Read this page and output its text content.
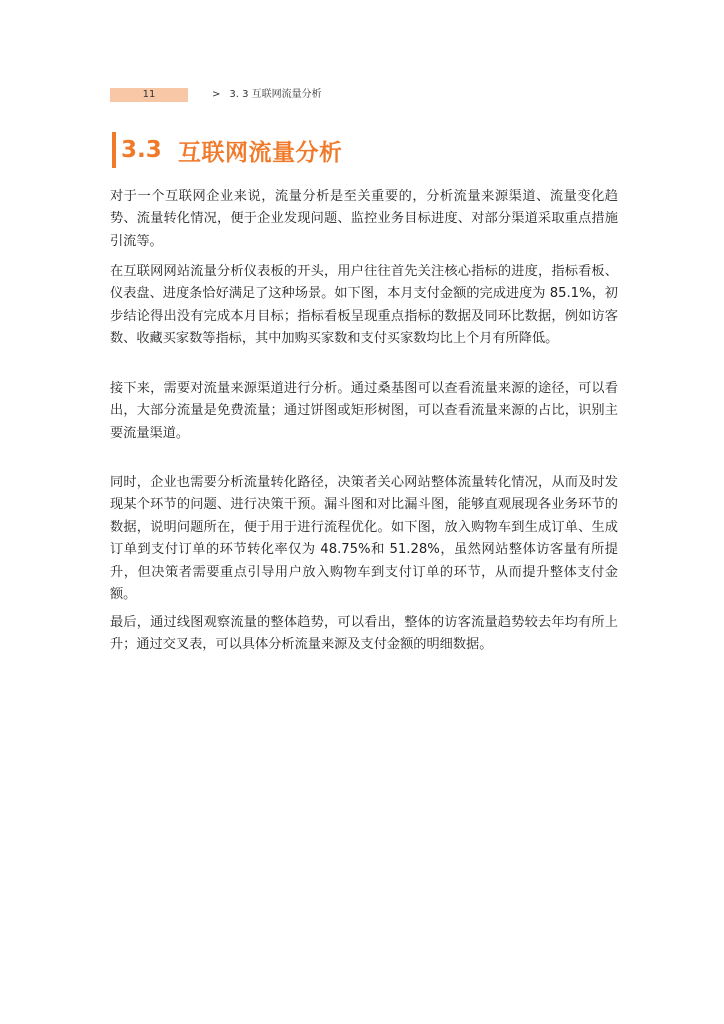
11	> 3. 3 互联网流量分析
3.3 互联网流量分析

对于一个互联网企业来说，流量分析是至关重要的，分析流量来源渠道、流量变化趋势、流量转化情况，便于企业发现问题、监控业务目标进度、对部分渠道采取重点措施引流等。

在互联网网站流量分析仪表板的开头，用户往往首先关注核心指标的进度，指标看板、仪表盘、进度条恰好满足了这种场景。如下图，本月支付金额的完成进度为 85.1%，初步结论得出没有完成本月目标；指标看板呈现重点指标的数据及同环比数据，例如访客数、收藏买家数等指标，其中加购买家数和支付买家数均比上个月有所降低。

接下来，需要对流量来源渠道进行分析。通过桑基图可以查看流量来源的途径，可以看出，大部分流量是免费流量；通过饼图或矩形树图，可以查看流量来源的占比，识别主要流量渠道。

同时，企业也需要分析流量转化路径，决策者关心网站整体流量转化情况，从而及时发现某个环节的问题、进行决策干预。漏斗图和对比漏斗图，能够直观展现各业务环节的数据，说明问题所在，便于用于进行流程优化。如下图，放入购物车到生成订单、生成订单到支付订单的环节转化率仅为 48.75%和 51.28%，虽然网站整体访客量有所提升，但决策者需要重点引导用户放入购物车到支付订单的环节，从而提升整体支付金额。

最后，通过线图观察流量的整体趋势，可以看出，整体的访客流量趋势较去年均有所上升；通过交叉表，可以具体分析流量来源及支付金额的明细数据。
